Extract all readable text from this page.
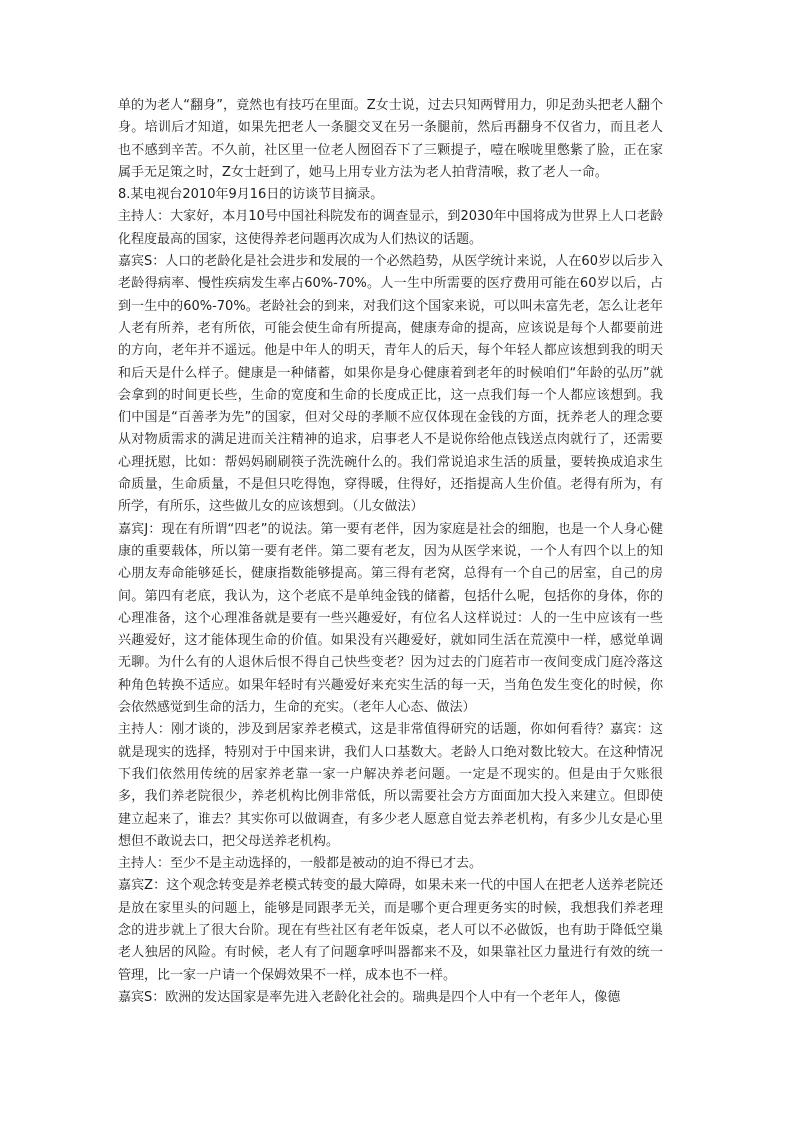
单的为老人“翻身”，竟然也有技巧在里面。Z女士说，过去只知两臂用力，卯足劲头把老人翻个身。培训后才知道，如果先把老人一条腿交叉在另一条腿前，然后再翻身不仅省力，而且老人也不感到辛苦。不久前，社区里一位老人囫囵吞下了三颗提子，噎在喉咙里憋紫了脸，正在家属手无足策之时，Z女士赶到了，她马上用专业方法为老人拍背清喉，救了老人一命。

8.某电视台2010年9月16日的访谈节目摘录。

主持人：大家好，本月10号中国社科院发布的调查显示，到2030年中国将成为世界上人口老龄化程度最高的国家，这使得养老问题再次成为人们热议的话题。

嘉宾S：人口的老龄化是社会进步和发展的一个必然趋势，从医学统计来说，人在60岁以后步入老龄得病率、慢性疾病发生率占60%-70%。人一生中所需要的医疗费用可能在60岁以后，占到一生中的60%-70%。老龄社会的到来，对我们这个国家来说，可以叫未富先老，怎么让老年人老有所养，老有所依，可能会使生命有所提高，健康寿命的提高，应该说是每个人都要前进的方向，老年并不遥远。他是中年人的明天，青年人的后天，每个年轻人都应该想到我的明天和后天是什么样子。健康是一种储蓄，如果你是身心健康着到老年的时候咱们“年龄的弘历”就会拿到的时间更长些，生命的宽度和生命的长度成正比，这一点我们每一个人都应该想到。我们中国是“百善孝为先”的国家，但对父母的孝顺不应仅体现在金钱的方面，抚养老人的理念要从对物质需求的满足进而关注精神的追求，启事老人不是说你给他点钱送点肉就行了，还需要心理抚慰，比如：帮妈妈刷刷筷子洗洗碗什么的。我们常说追求生活的质量，要转换成追求生命质量，生命质量，不是但只吃得饱，穿得暖，住得好，还指提高人生价值。老得有所为，有所学，有所乐，这些做儿女的应该想到。（儿女做法）

嘉宾J：现在有所谓“四老”的说法。第一要有老伴，因为家庭是社会的细胞，也是一个人身心健康的重要载体，所以第一要有老伴。第二要有老友，因为从医学来说，一个人有四个以上的知心朋友寿命能够延长，健康指数能够提高。第三得有老窝，总得有一个自己的居室，自己的房间。第四有老底，我认为，这个老底不是单纯金钱的储蓄，包括什么呢，包括你的身体，你的心理准备，这个心理准备就是要有一些兴趣爱好，有位名人这样说过：人的一生中应该有一些兴趣爱好，这才能体现生命的价值。如果没有兴趣爱好，就如同生活在荒漠中一样，感觉单调无聊。为什么有的人退休后恨不得自己快些变老？因为过去的门庭若市一夜间变成门庭冷落这种角色转换不适应。如果年轻时有兴趣爱好来充实生活的每一天，当角色发生变化的时候，你会依然感觉到生命的活力，生命的充实。（老年人心态、做法）

主持人：刚才谈的，涉及到居家养老模式，这是非常值得研究的话题，你如何看待？嘉宾：这就是现实的选择，特别对于中国来讲，我们人口基数大。老龄人口绝对数比较大。在这种情况下我们依然用传统的居家养老靠一家一户解决养老问题。一定是不现实的。但是由于欠账很多，我们养老院很少，养老机构比例非常低，所以需要社会方方面面加大投入来建立。但即使建立起来了，谁去？其实你可以做调查，有多少老人愿意自觉去养老机构，有多少儿女是心里想但不敢说去口，把父母送养老机构。

主持人：至少不是主动选择的，一般都是被动的迫不得已才去。

嘉宾Z：这个观念转变是养老模式转变的最大障碍，如果未来一代的中国人在把老人送养老院还是放在家里头的问题上，能够是同跟孝无关，而是哪个更合理更务实的时候，我想我们养老理念的进步就上了很大台阶。现在有些社区有老年饭桌，老人可以不必做饭，也有助于降低空巢老人独居的风险。有时候，老人有了问题拿呼叫器都来不及，如果靠社区力量进行有效的统一管理，比一家一户请一个保姆效果不一样，成本也不一样。

嘉宾S：欧洲的发达国家是率先进入老龄化社会的。瑞典是四个人中有一个老年人，像德
